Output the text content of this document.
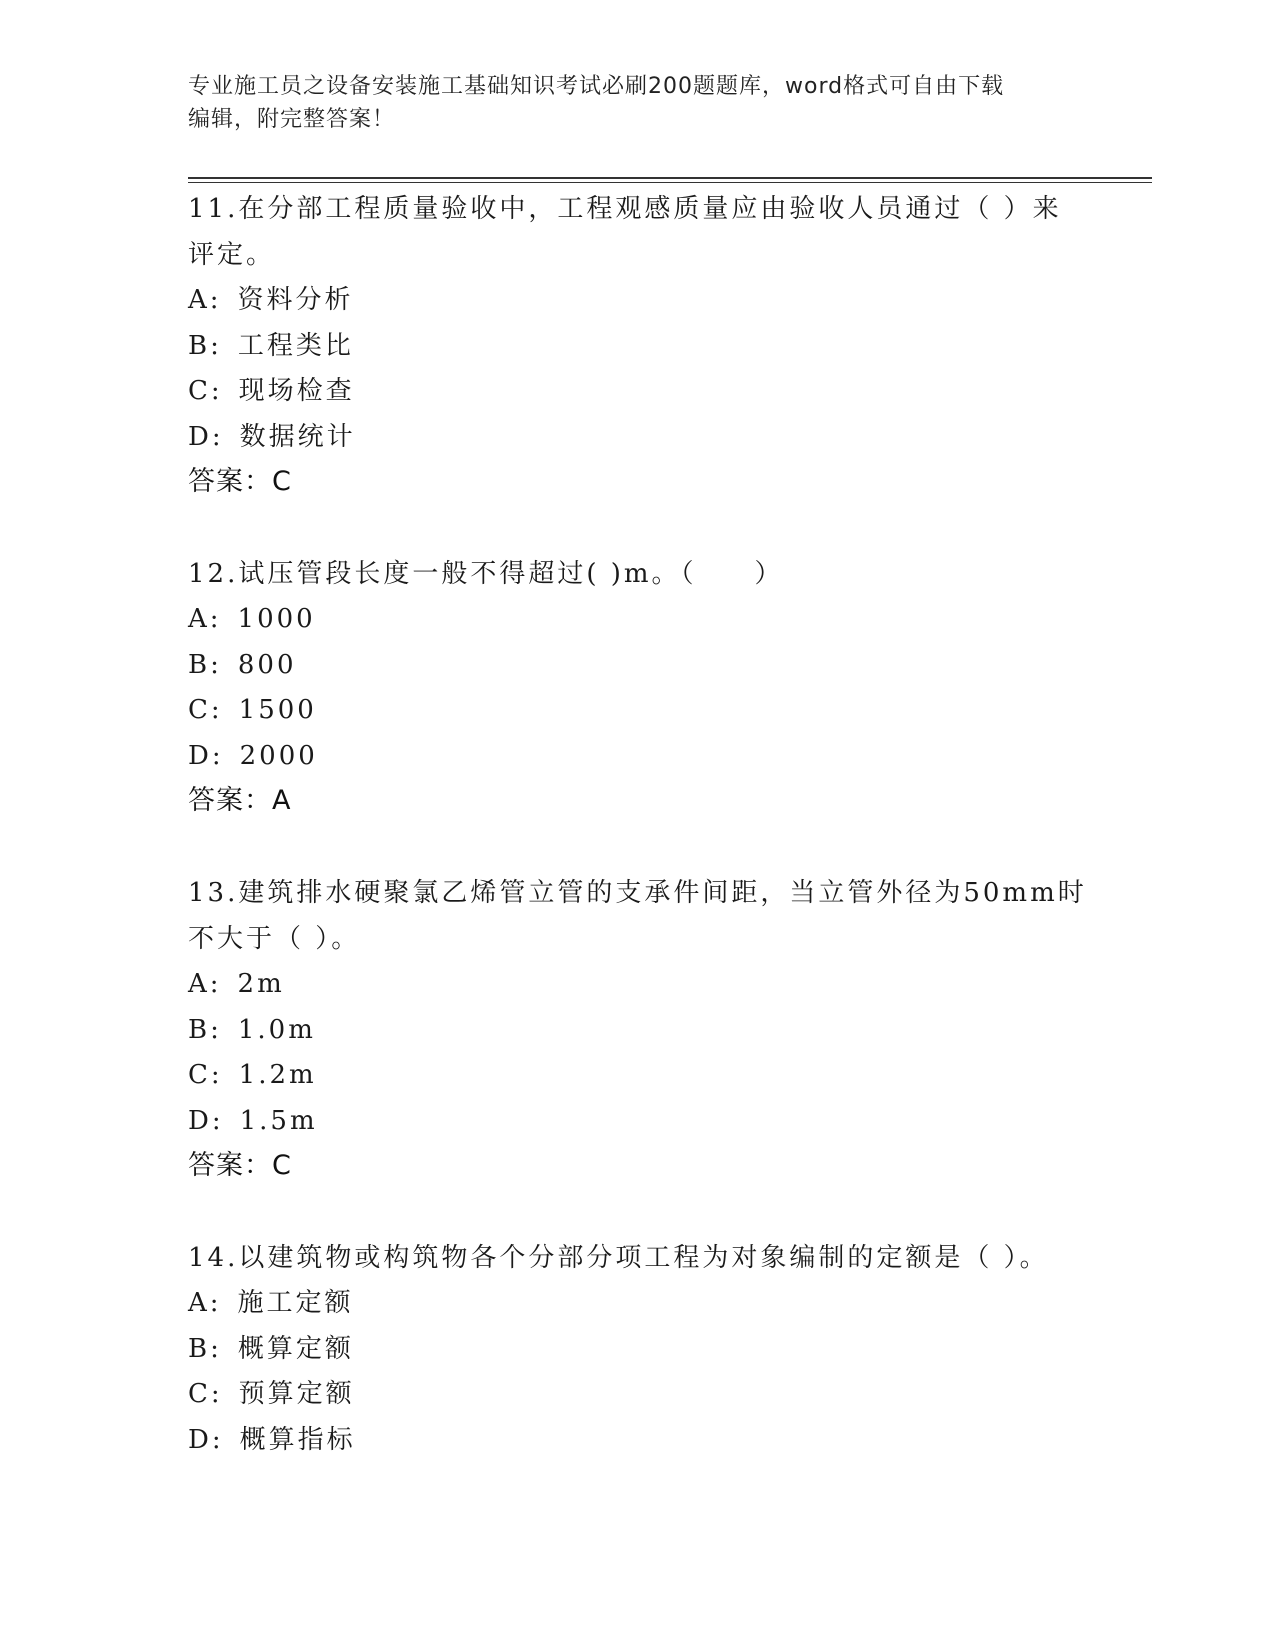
专业施工员之设备安装施工基础知识考试必刷200题题库，word格式可自由下载
编辑，附完整答案！

11.在分部工程质量验收中，工程观感质量应由验收人员通过（ ）来评定。

A: 资料分析
B: 工程类比
C: 现场检查
D: 数据统计
答案：C

12.试压管段长度一般不得超过( )m。（　　）

A: 1000
B: 800
C: 1500
D: 2000
答案：A

13.建筑排水硬聚氯乙烯管立管的支承件间距，当立管外径为50mm时不大于（ ）。

A: 2m
B: 1.0m
C: 1.2m
D: 1.5m
答案：C

14.以建筑物或构筑物各个分部分项工程为对象编制的定额是（ ）。

A: 施工定额
B: 概算定额
C: 预算定额
D: 概算指标
